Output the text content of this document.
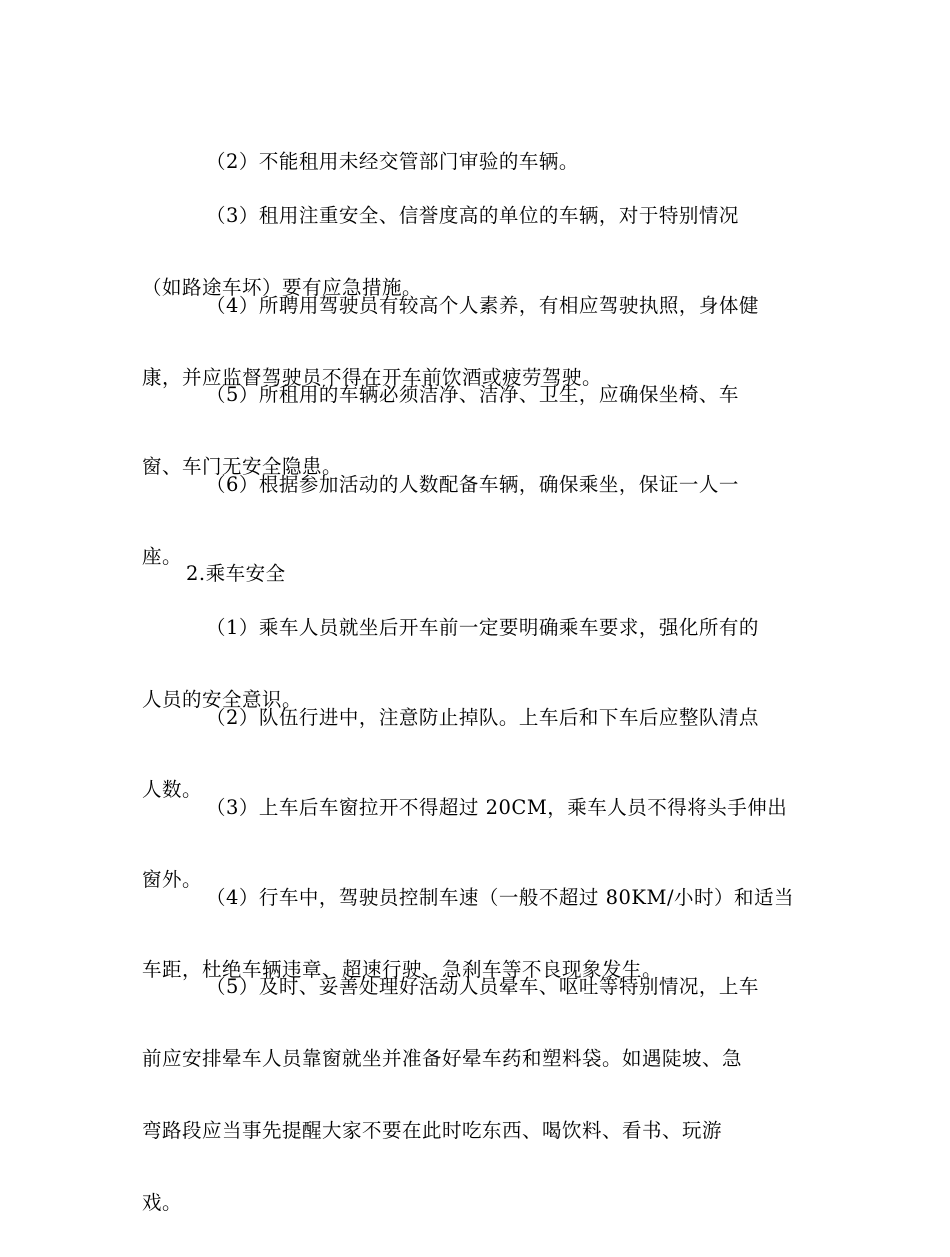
（2）不能租用未经交管部门审验的车辆。

（3）租用注重安全、信誉度高的单位的车辆，对于特别情况

（如路途车坏）要有应急措施。

（4）所聘用驾驶员有较高个人素养，有相应驾驶执照，身体健

康，并应监督驾驶员不得在开车前饮酒或疲劳驾驶。

（5）所租用的车辆必须洁净、洁净、卫生，应确保坐椅、车

窗、车门无安全隐患。

（6）根据参加活动的人数配备车辆，确保乘坐，保证一人一

座。

2.乘车安全

（1）乘车人员就坐后开车前一定要明确乘车要求，强化所有的

人员的安全意识。

（2）队伍行进中，注意防止掉队。上车后和下车后应整队清点

人数。

（3）上车后车窗拉开不得超过 20CM，乘车人员不得将头手伸出

窗外。

（4）行车中，驾驶员控制车速（一般不超过 80KM/小时）和适当

车距，杜绝车辆违章、超速行驶、急刹车等不良现象发生。

（5）及时、妥善处理好活动人员晕车、呕吐等特别情况，上车

前应安排晕车人员靠窗就坐并准备好晕车药和塑料袋。如遇陡坡、急

弯路段应当事先提醒大家不要在此时吃东西、喝饮料、看书、玩游

戏。
